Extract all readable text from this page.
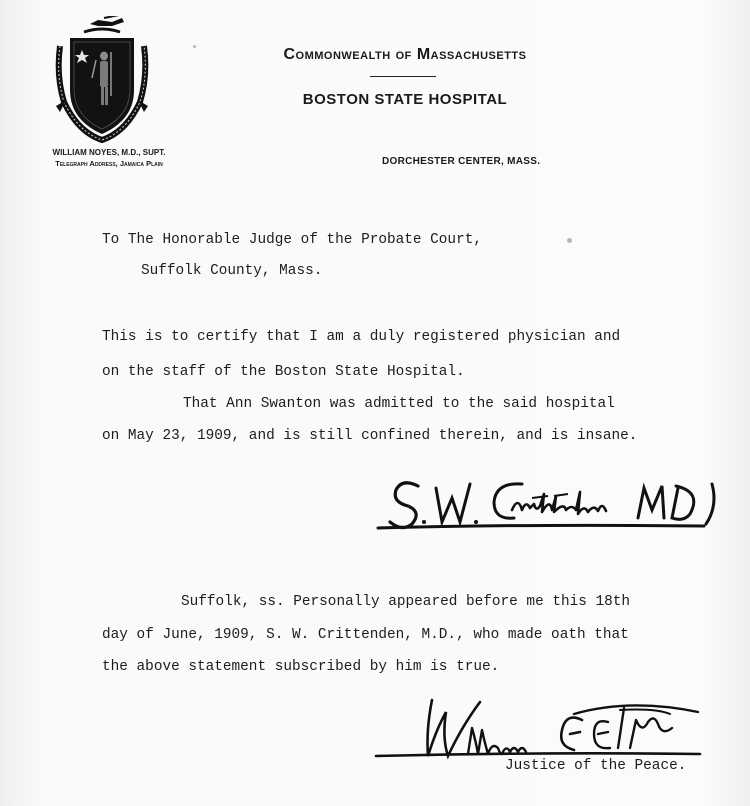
Commonwealth of Massachusetts
BOSTON STATE HOSPITAL
WILLIAM NOYES, M.D., SUPT.
Telegraph Address, Jamaica Plain	DORCHESTER CENTER, MASS.
To The Honorable Judge of the Probate Court,
Suffolk County, Mass.
This is to certify that I am a duly registered physician and
on the staff of the Boston State Hospital.
That Ann Swanton was admitted to the said hospital
on May 23, 1909, and is still confined therein, and is insane.
Suffolk, ss. Personally appeared before me this 18th
day of June, 1909, S. W. Crittenden, M.D., who made oath that
the above statement subscribed by him is true.
Justice of the Peace.
